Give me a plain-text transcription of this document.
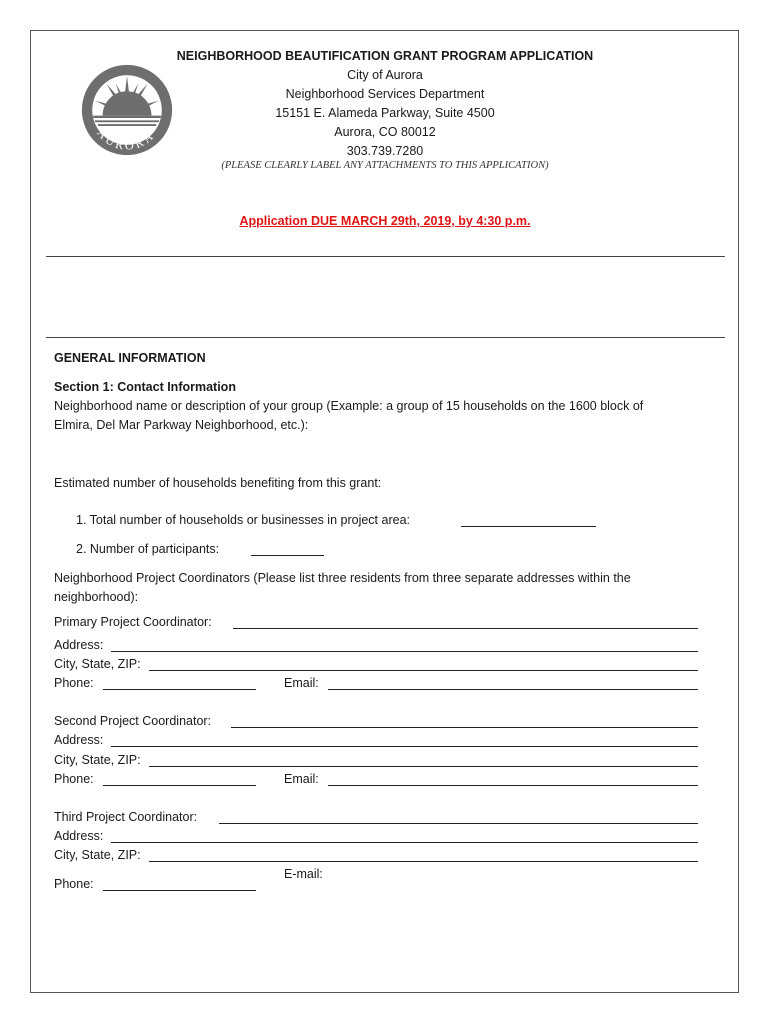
AURORA
NEIGHBORHOOD BEAUTIFICATION GRANT PROGRAM APPLICATION
City of Aurora
Neighborhood Services Department
15151 E. Alameda Parkway, Suite 4500
Aurora, CO 80012
303.739.7280
(PLEASE CLEARLY LABEL ANY ATTACHMENTS TO THIS APPLICATION)
Application DUE MARCH 29th, 2019, by 4:30 p.m.
GENERAL INFORMATION
Section 1: Contact Information
Neighborhood name or description of your group (Example: a group of 15 households on the 1600 block of
Elmira, Del Mar Parkway Neighborhood, etc.):
Estimated number of households benefiting from this grant:
1. Total number of households or businesses in project area:
2. Number of participants:
Neighborhood Project Coordinators (Please list three residents from three separate addresses within the
neighborhood):
Primary Project Coordinator:
Address:
City, State, ZIP:
Phone:	Email:
Second Project Coordinator:
Address:
City, State, ZIP:
Phone:	Email:
Third Project Coordinator:
Address:
City, State, ZIP:
E-mail:
Phone:
